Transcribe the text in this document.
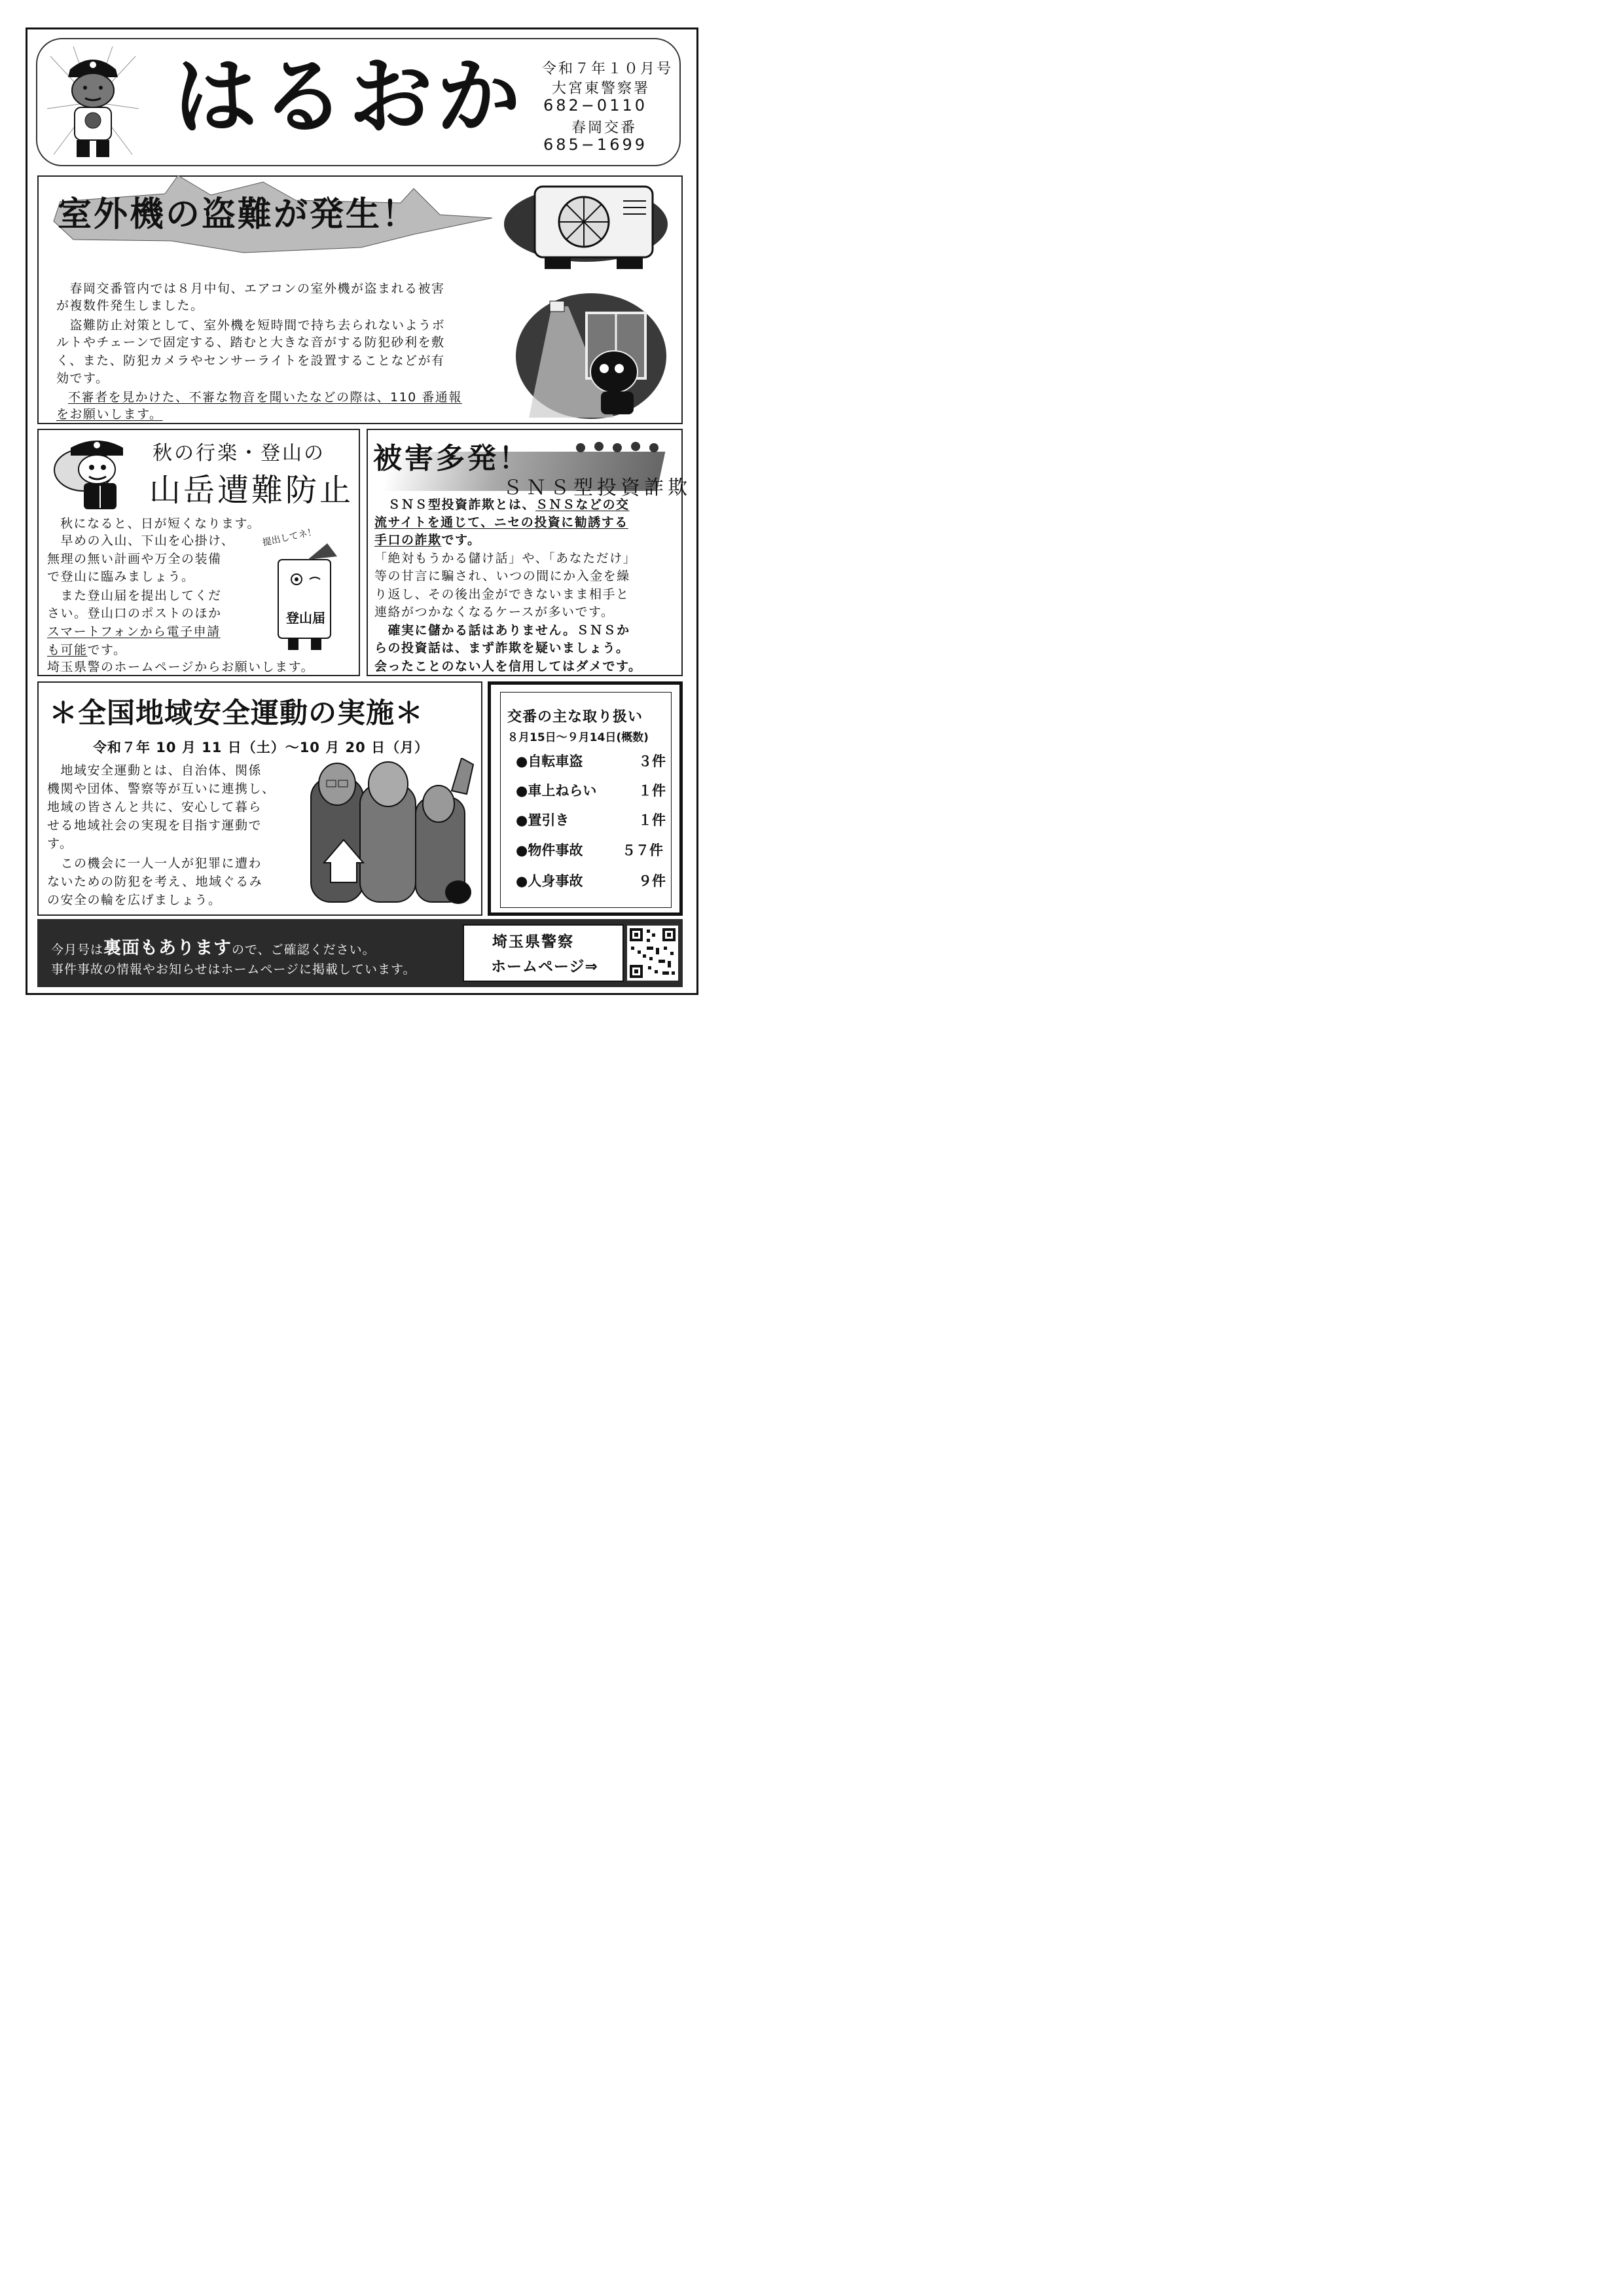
はるおか 令和７年１０月号
大宮東警察署
682−0110
春岡交番
685−1699
室外機の盗難が発生！
　春岡交番管内では８月中旬、エアコンの室外機が盗まれる被害
が複数件発生しました。
　盗難防止対策として、室外機を短時間で持ち去られないようボ
ルトやチェーンで固定する、踏むと大きな音がする防犯砂利を敷
く、また、防犯カメラやセンサーライトを設置することなどが有
効です。
不審者を見かけた、不審な物音を聞いたなどの際は、110 番通報
をお願いします。
秋の行楽・登山の
山岳遭難防止
秋になると、日が短くなります。
　早めの入山、下山を心掛け、
無理の無い計画や万全の装備
で登山に臨みましょう。
　また登山届を提出してくだ
さい。登山口のポストのほか
スマートフォンから電子申請
も可能です。
埼玉県警のホームページからお願いします。
提出してネ！
登山届
被害多発！
ＳＮＳ型投資詐欺
　ＳＮＳ型投資詐欺とは、ＳＮＳなどの交
流サイトを通じて、ニセの投資に勧誘する
手口の詐欺です。
「絶対もうかる儲け話」や、「あなただけ」
等の甘言に騙され、いつの間にか入金を繰
り返し、その後出金ができないまま相手と
連絡がつかなくなるケースが多いです。
　確実に儲かる話はありません。ＳＮＳか
らの投資話は、まず詐欺を疑いましょう。
会ったことのない人を信用してはダメです。
＊全国地域安全運動の実施＊
令和７年 10 月 11 日（土）〜10 月 20 日（月）
　地域安全運動とは、自治体、関係
機関や団体、警察等が互いに連携し、
地域の皆さんと共に、安心して暮ら
せる地域社会の実現を目指す運動で
す。
　この機会に一人一人が犯罪に遭わ
ないための防犯を考え、地域ぐるみ
の安全の輪を広げましょう。
交番の主な取り扱い
８月15日〜９月14日(概数)
●自転車盗	３件
●車上ねらい	１件
●置引き	１件
●物件事故	５７件
●人身事故	９件
今月号は裏面もありますので、ご確認ください。
事件事故の情報やお知らせはホームページに掲載しています。
埼玉県警察
ホームページ⇒
